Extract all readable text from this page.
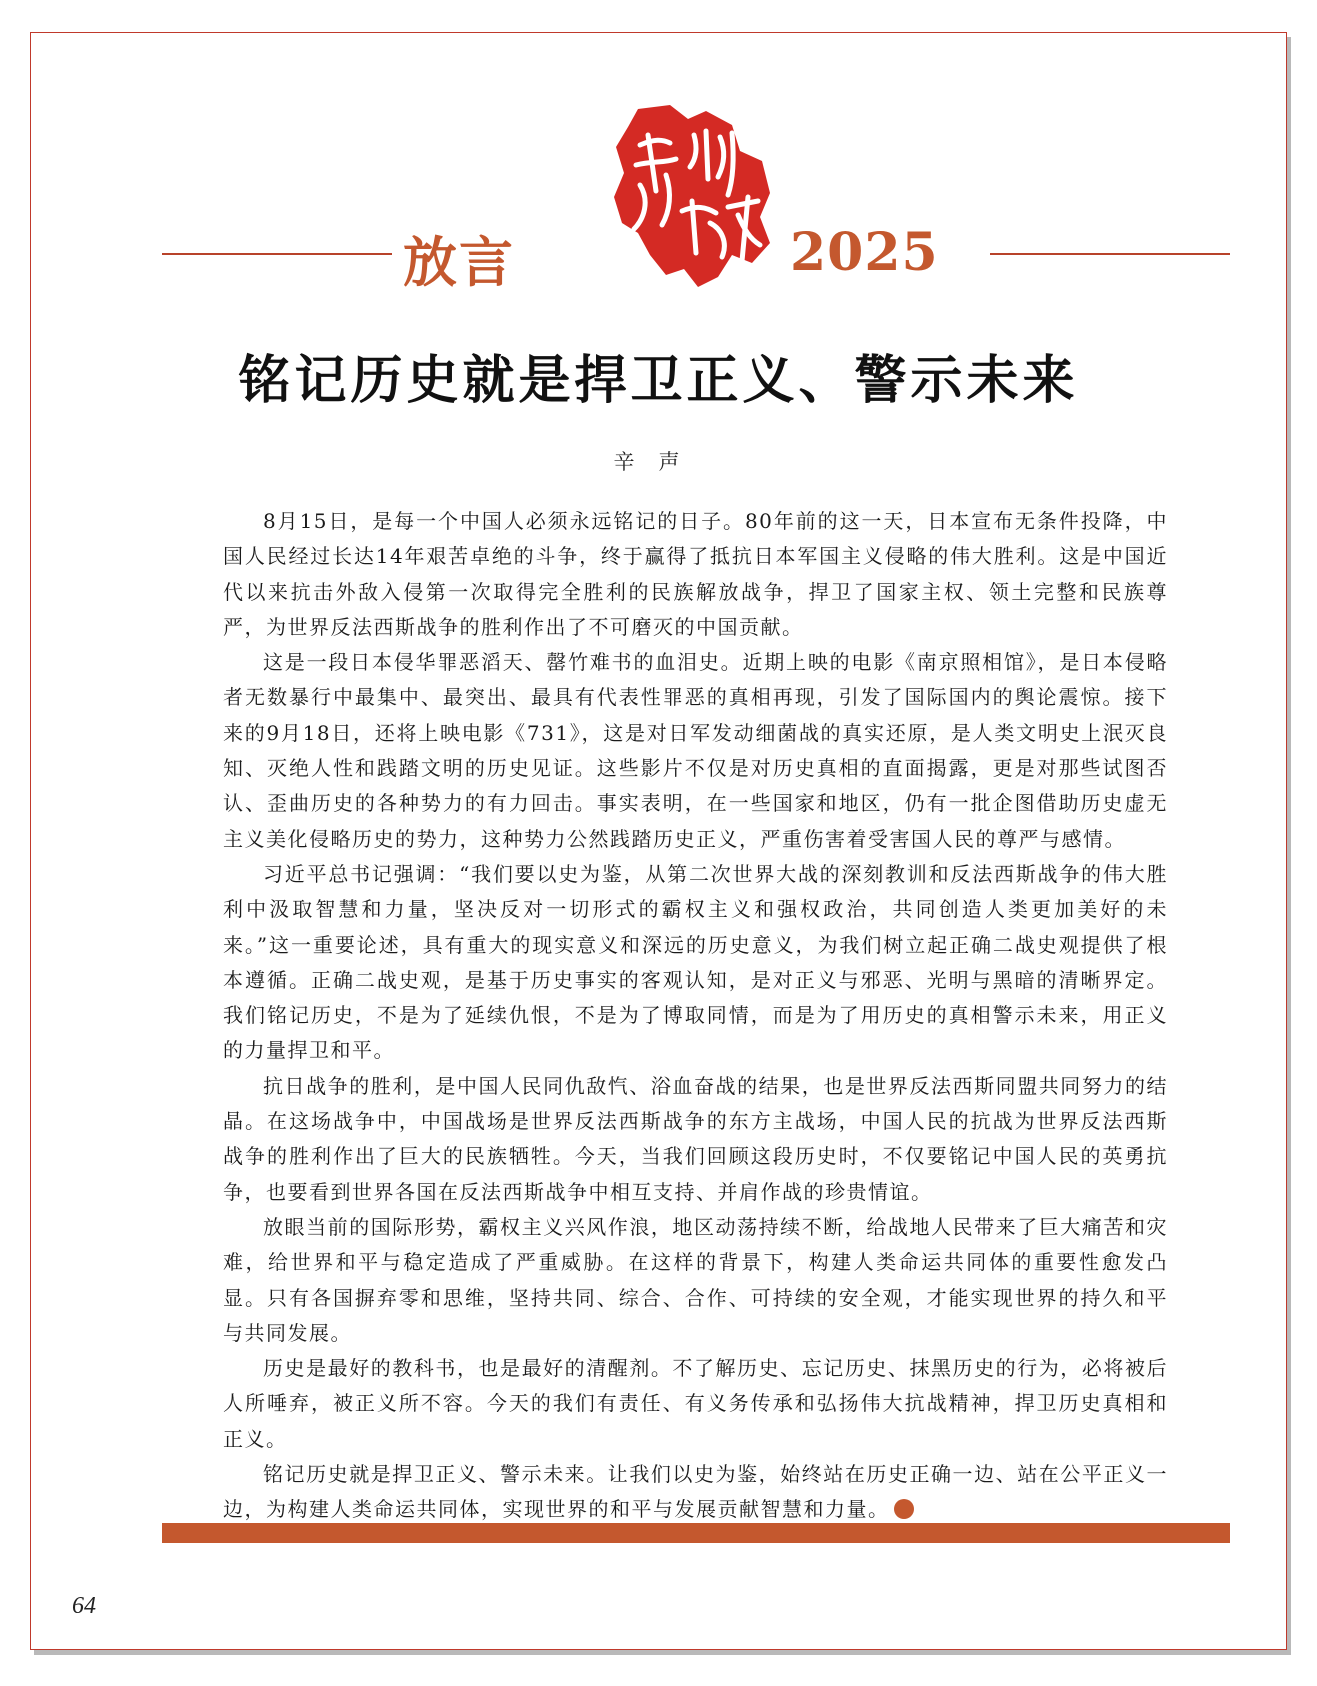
放言	2025
铭记历史就是捍卫正义、警示未来
辛声

8月15日，是每一个中国人必须永远铭记的日子。80年前的这一天，日本宣布无条件投降，中国人民经过长达14年艰苦卓绝的斗争，终于赢得了抵抗日本军国主义侵略的伟大胜利。这是中国近代以来抗击外敌入侵第一次取得完全胜利的民族解放战争，捍卫了国家主权、领土完整和民族尊严，为世界反法西斯战争的胜利作出了不可磨灭的中国贡献。

这是一段日本侵华罪恶滔天、罄竹难书的血泪史。近期上映的电影《南京照相馆》，是日本侵略者无数暴行中最集中、最突出、最具有代表性罪恶的真相再现，引发了国际国内的舆论震惊。接下来的9月18日，还将上映电影《731》，这是对日军发动细菌战的真实还原，是人类文明史上泯灭良知、灭绝人性和践踏文明的历史见证。这些影片不仅是对历史真相的直面揭露，更是对那些试图否认、歪曲历史的各种势力的有力回击。事实表明，在一些国家和地区，仍有一批企图借助历史虚无主义美化侵略历史的势力，这种势力公然践踏历史正义，严重伤害着受害国人民的尊严与感情。

习近平总书记强调：“我们要以史为鉴，从第二次世界大战的深刻教训和反法西斯战争的伟大胜利中汲取智慧和力量，坚决反对一切形式的霸权主义和强权政治，共同创造人类更加美好的未来。”这一重要论述，具有重大的现实意义和深远的历史意义，为我们树立起正确二战史观提供了根本遵循。正确二战史观，是基于历史事实的客观认知，是对正义与邪恶、光明与黑暗的清晰界定。我们铭记历史，不是为了延续仇恨，不是为了博取同情，而是为了用历史的真相警示未来，用正义的力量捍卫和平。

抗日战争的胜利，是中国人民同仇敌忾、浴血奋战的结果，也是世界反法西斯同盟共同努力的结晶。在这场战争中，中国战场是世界反法西斯战争的东方主战场，中国人民的抗战为世界反法西斯战争的胜利作出了巨大的民族牺牲。今天，当我们回顾这段历史时，不仅要铭记中国人民的英勇抗争，也要看到世界各国在反法西斯战争中相互支持、并肩作战的珍贵情谊。

放眼当前的国际形势，霸权主义兴风作浪，地区动荡持续不断，给战地人民带来了巨大痛苦和灾难，给世界和平与稳定造成了严重威胁。在这样的背景下，构建人类命运共同体的重要性愈发凸显。只有各国摒弃零和思维，坚持共同、综合、合作、可持续的安全观，才能实现世界的持久和平与共同发展。

历史是最好的教科书，也是最好的清醒剂。不了解历史、忘记历史、抹黑历史的行为，必将被后人所唾弃，被正义所不容。今天的我们有责任、有义务传承和弘扬伟大抗战精神，捍卫历史真相和正义。

铭记历史就是捍卫正义、警示未来。让我们以史为鉴，始终站在历史正确一边、站在公平正义一边，为构建人类命运共同体，实现世界的和平与发展贡献智慧和力量。

64
